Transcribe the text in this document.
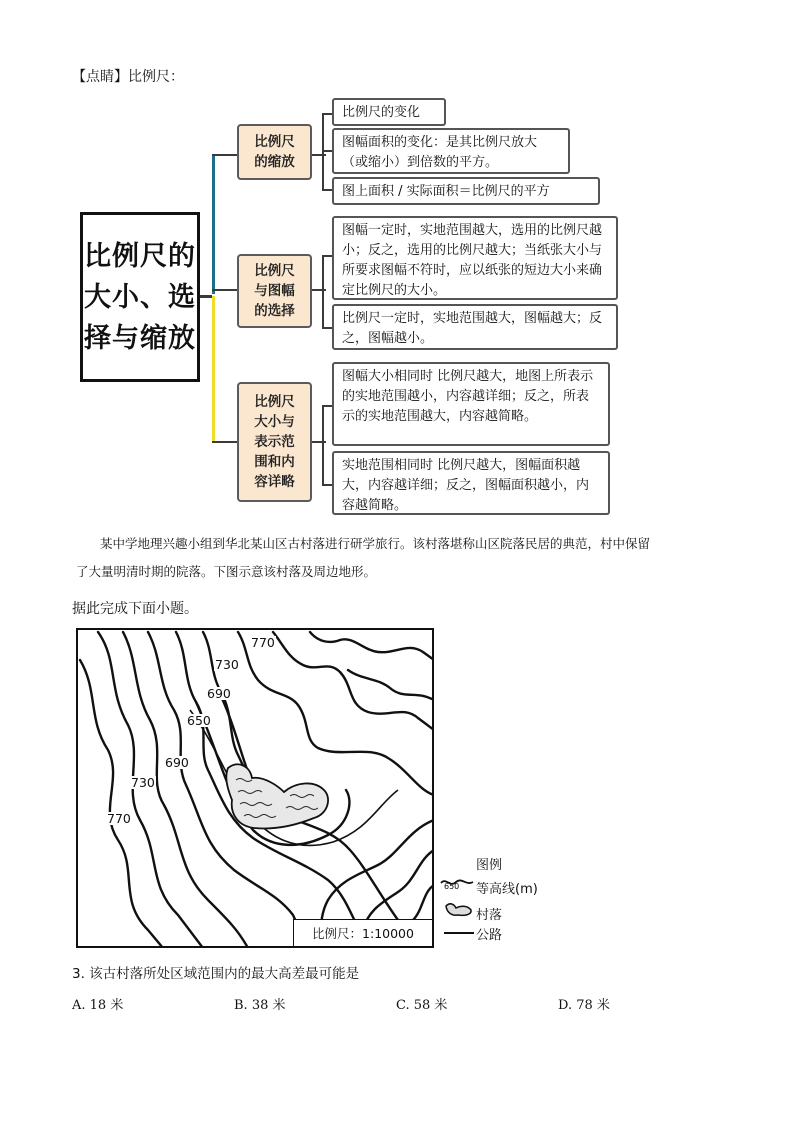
【点睛】比例尺：
比例尺的大小、选择与缩放
比例尺的缩放
比例尺与图幅的选择
比例尺大小与表示范围和内容详略
比例尺的变化
图幅面积的变化：是其比例尺放大（或缩小）到倍数的平方。
图上面积 / 实际面积＝比例尺的平方
图幅一定时，实地范围越大，选用的比例尺越小；反之，选用的比例尺越大；当纸张大小与所要求图幅不符时，应以纸张的短边大小来确定比例尺的大小。
比例尺一定时，实地范围越大，图幅越大；反之，图幅越小。
图幅大小相同时 比例尺越大，地图上所表示的实地范围越小，内容越详细；反之，所表示的实地范围越大，内容越简略。
实地范围相同时 比例尺越大，图幅面积越大，内容越详细；反之，图幅面积越小，内容越简略。
某中学地理兴趣小组到华北某山区古村落进行研学旅行。该村落堪称山区院落民居的典范，村中保留
了大量明清时期的院落。下图示意该村落及周边地形。
据此完成下面小题。
770
730
690
650
690
730
770
比例尺：1:10000
图例
650 等高线(m)
村落
公路
3. 该古村落所处区域范围内的最大高差最可能是
A. 18 米	B. 38 米	C. 58 米	D. 78 米
